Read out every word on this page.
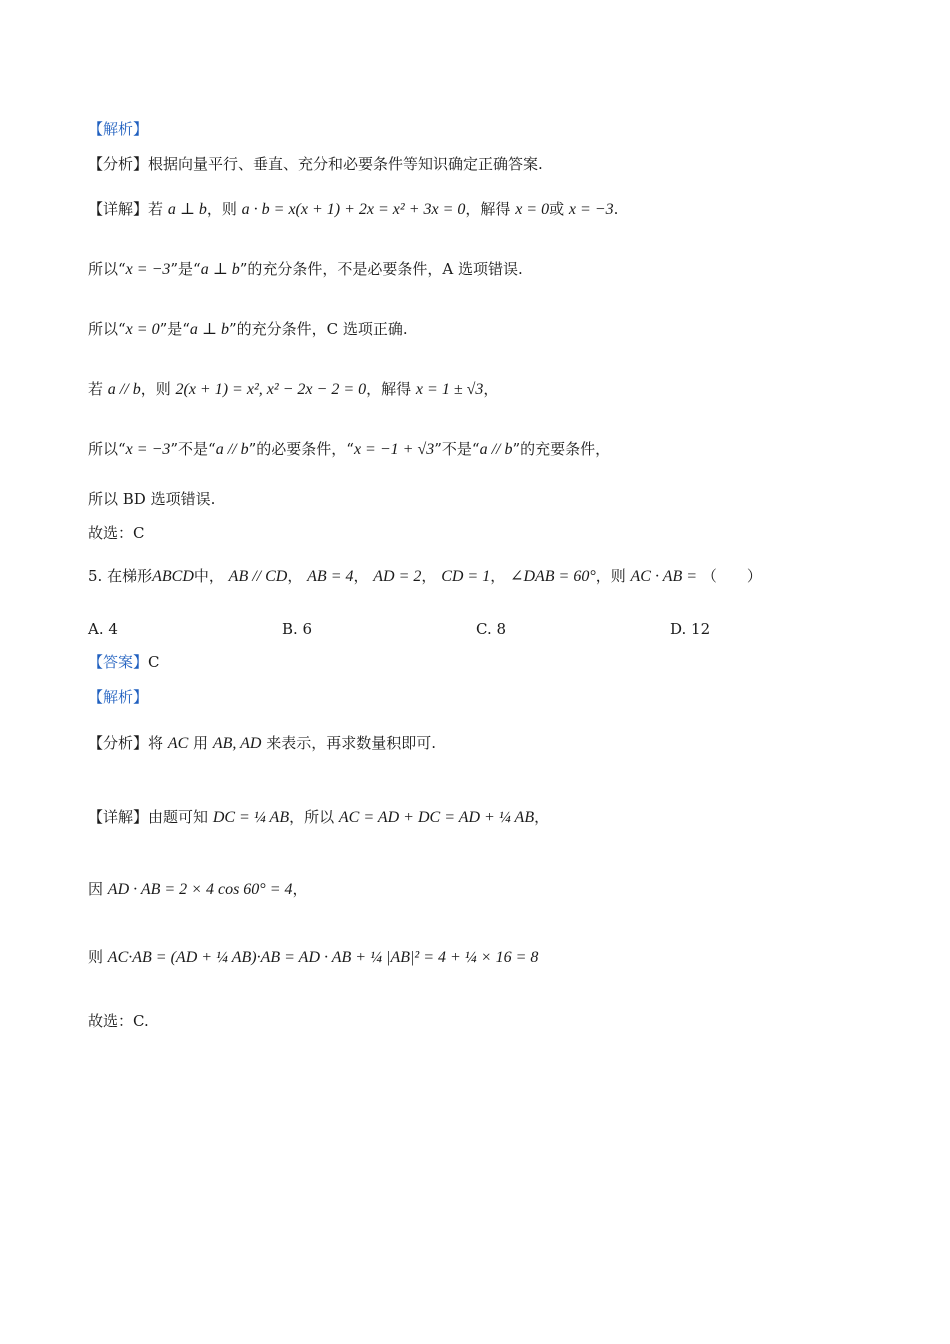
【解析】
【分析】根据向量平行、垂直、充分和必要条件等知识确定正确答案.
【详解】若 a ⊥ b，则 a · b = x(x + 1) + 2x = x² + 3x = 0，解得 x = 0或 x = −3.
所以“x = −3”是“a ⊥ b”的充分条件，不是必要条件，A 选项错误.
所以“x = 0”是“a ⊥ b”的充分条件，C 选项正确.
若 a // b，则 2(x + 1) = x², x² − 2x − 2 = 0，解得 x = 1 ± √3，
所以“x = −3”不是“a // b”的必要条件，“x = −1 + √3”不是“a // b”的充要条件，
所以 BD 选项错误.
故选：C
5. 在梯形ABCD中， AB // CD， AB = 4， AD = 2， CD = 1， ∠DAB = 60°，则 AC · AB = （　　）
A. 4	B. 6	C. 8	D. 12
【答案】C
【解析】
【分析】将 AC 用 AB, AD 来表示，再求数量积即可.
【详解】由题可知 DC = ¼ AB，所以 AC = AD + DC = AD + ¼ AB，
因 AD · AB = 2 × 4 cos 60° = 4，
则 AC·AB = (AD + ¼ AB)·AB = AD · AB + ¼ |AB|² = 4 + ¼ × 16 = 8
故选：C.
